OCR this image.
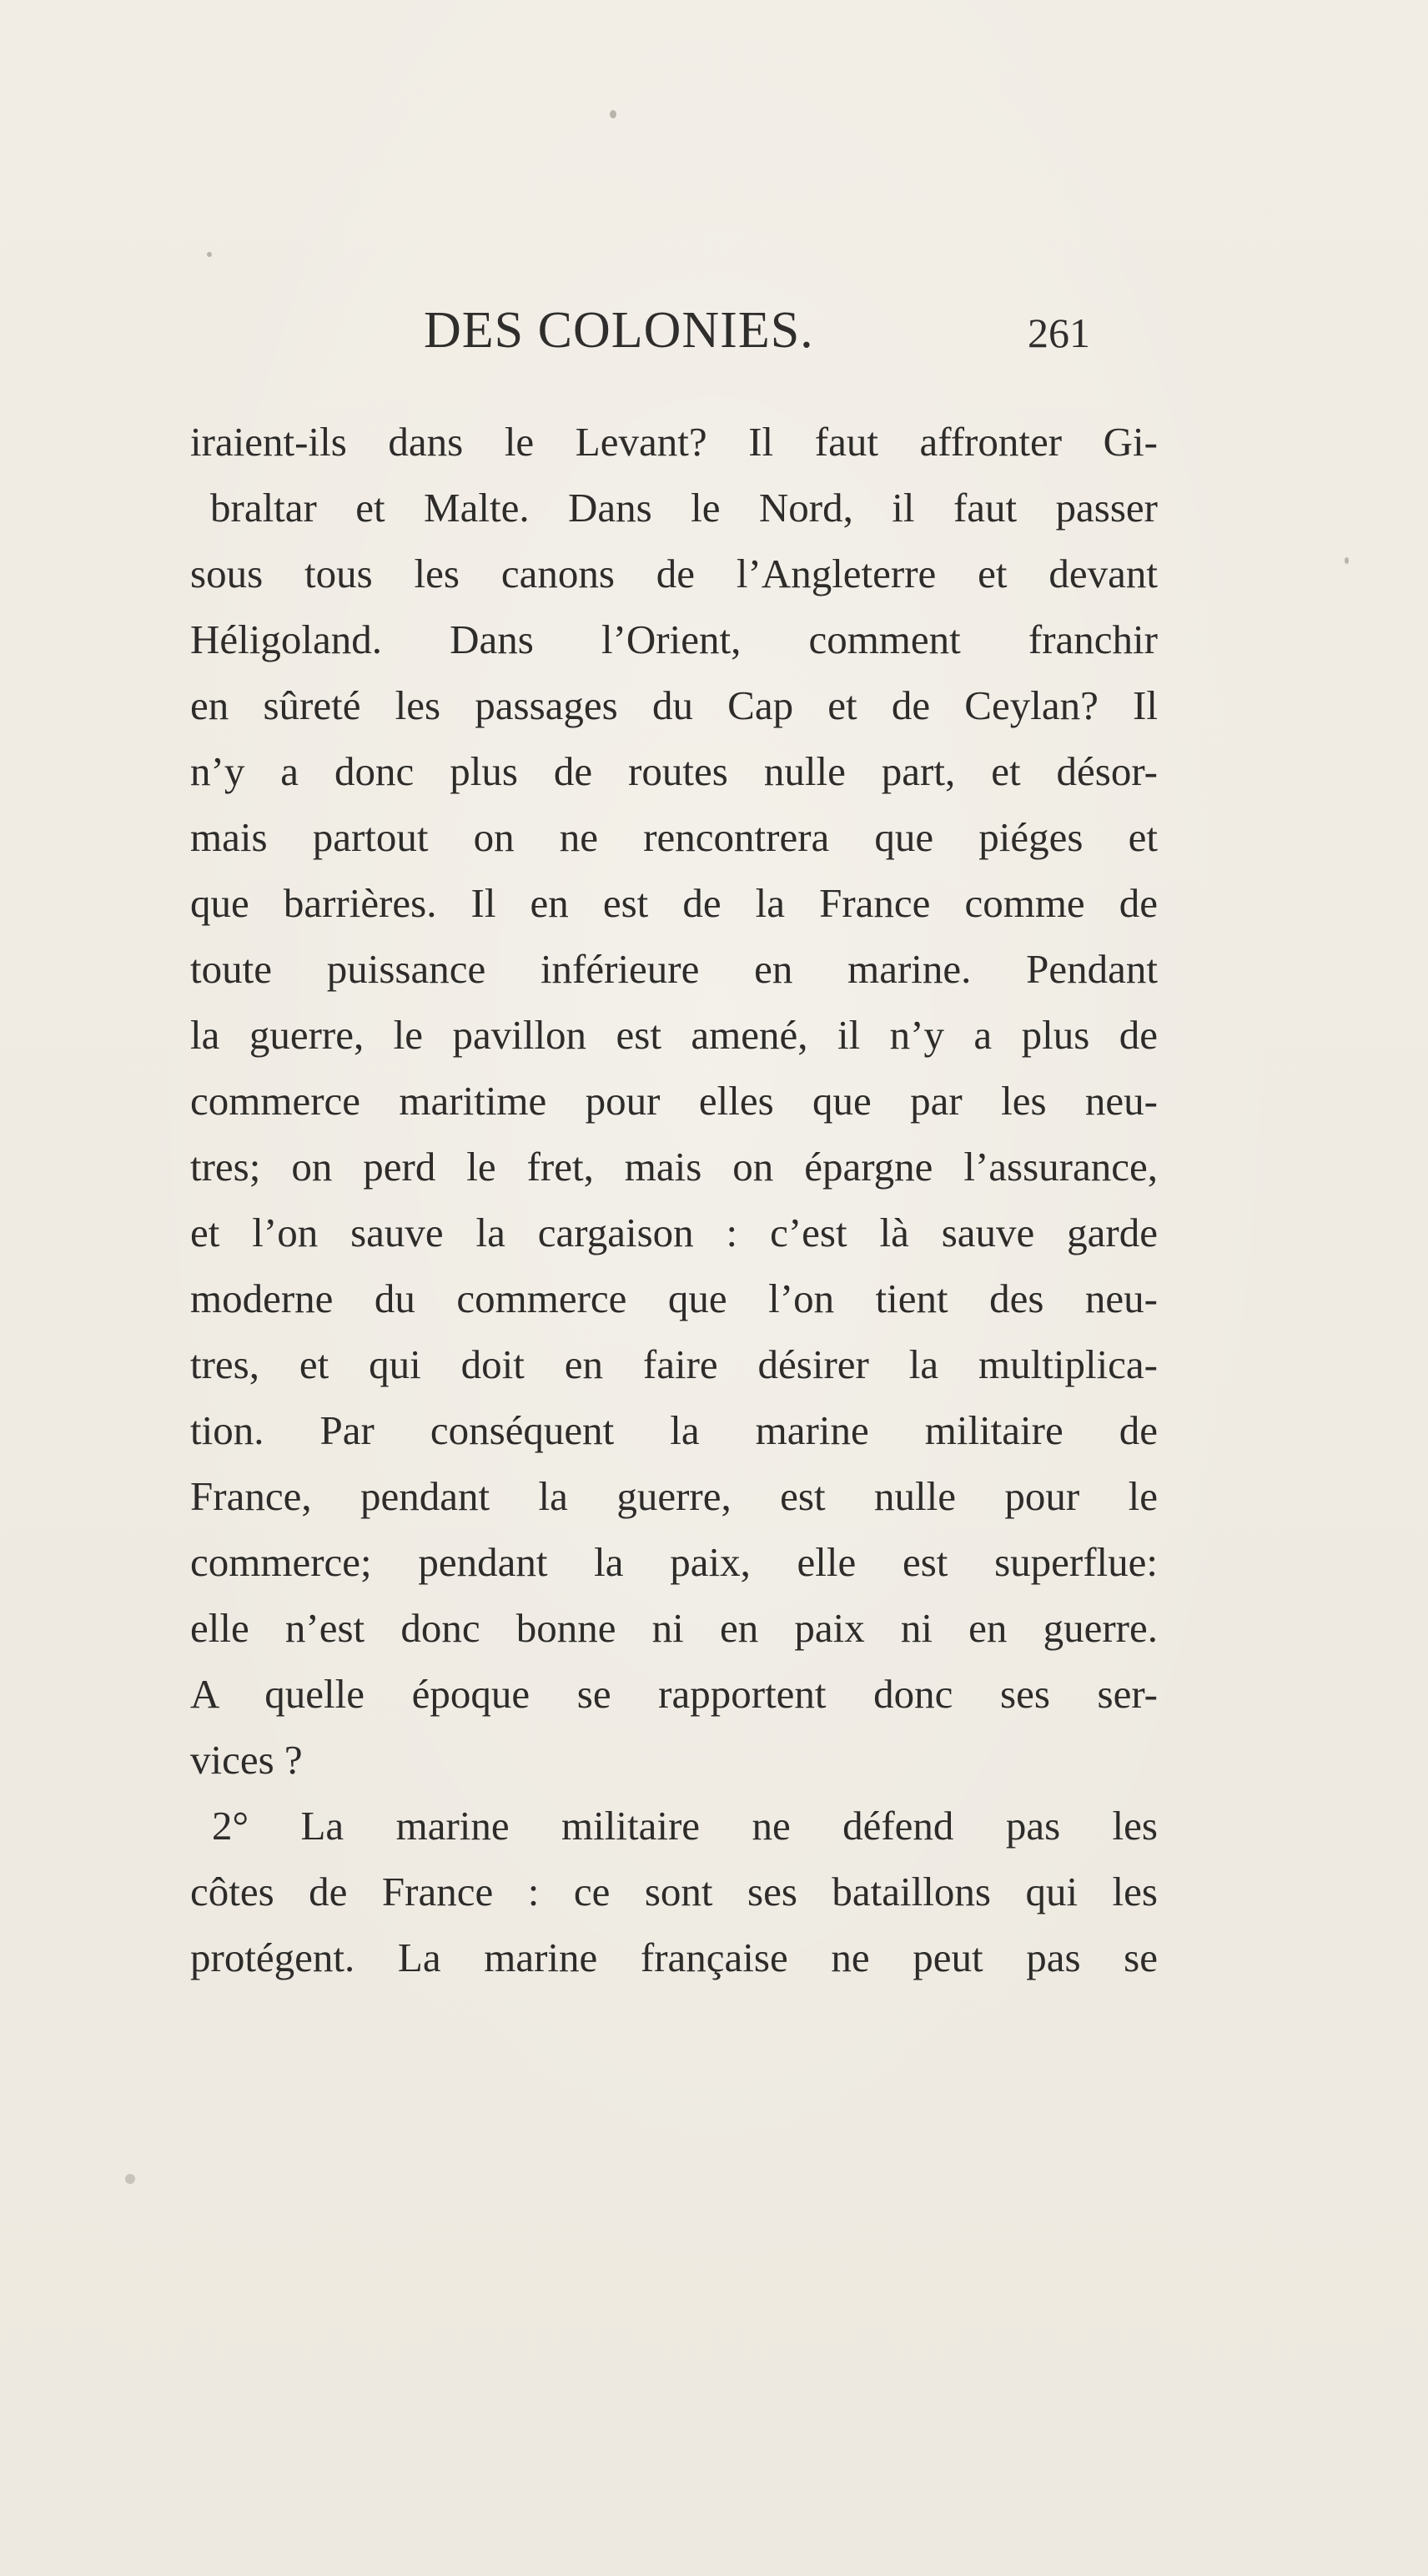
DES COLONIES.	261
iraient-ils dans le Levant? Il faut affronter Gi-
braltar et Malte. Dans le Nord, il faut passer
sous tous les canons de l’Angleterre et devant
Héligoland. Dans l’Orient, comment franchir
en sûreté les passages du Cap et de Ceylan? Il
n’y a donc plus de routes nulle part, et désor-
mais partout on ne rencontrera que piéges et
que barrières. Il en est de la France comme de
toute puissance inférieure en marine. Pendant
la guerre, le pavillon est amené, il n’y a plus de
commerce maritime pour elles que par les neu-
tres; on perd le fret, mais on épargne l’assurance,
et l’on sauve la cargaison : c’est là sauve garde
moderne du commerce que l’on tient des neu-
tres, et qui doit en faire désirer la multiplica-
tion. Par conséquent la marine militaire de
France, pendant la guerre, est nulle pour le
commerce; pendant la paix, elle est superflue:
elle n’est donc bonne ni en paix ni en guerre.
A quelle époque se rapportent donc ses ser-
vices ?
2° La marine militaire ne défend pas les
côtes de France : ce sont ses bataillons qui les
protégent. La marine française ne peut pas se
